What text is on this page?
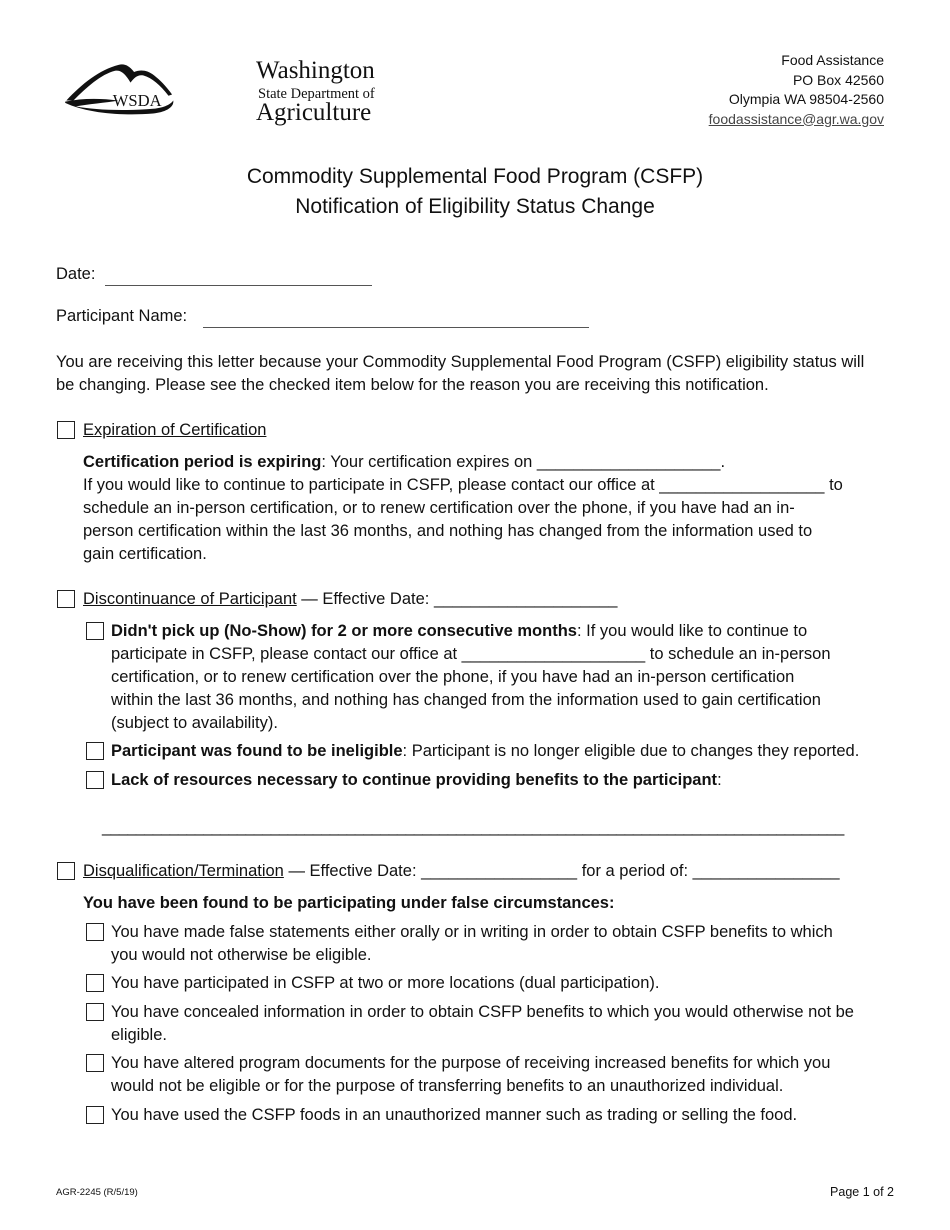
WSDA
Washington
State Department of
Agriculture
Food Assistance
PO Box 42560
Olympia WA 98504-2560
foodassistance@agr.wa.gov
Commodity Supplemental Food Program (CSFP)
Notification of Eligibility Status Change
Date:
Participant Name:
You are receiving this letter because your Commodity Supplemental Food Program (CSFP) eligibility status will
be changing. Please see the checked item below for the reason you are receiving this notification.
Expiration of Certification
Certification period is expiring: Your certification expires on ____________________.
If you would like to continue to participate in CSFP, please contact our office at __________________ to
schedule an in-person certification, or to renew certification over the phone, if you have had an in-
person certification within the last 36 months, and nothing has changed from the information used to
gain certification.
Discontinuance of Participant — Effective Date: ____________________
Didn't pick up (No-Show) for 2 or more consecutive months: If you would like to continue to
participate in CSFP, please contact our office at ____________________ to schedule an in-person
certification, or to renew certification over the phone, if you have had an in-person certification
within the last 36 months, and nothing has changed from the information used to gain certification
(subject to availability).
Participant was found to be ineligible: Participant is no longer eligible due to changes they reported.
Lack of resources necessary to continue providing benefits to the participant:
________________________________________________________________________________________
Disqualification/Termination — Effective Date: _________________ for a period of: ________________
You have been found to be participating under false circumstances:
You have made false statements either orally or in writing in order to obtain CSFP benefits to which
you would not otherwise be eligible.
You have participated in CSFP at two or more locations (dual participation).
You have concealed information in order to obtain CSFP benefits to which you would otherwise not be
eligible.
You have altered program documents for the purpose of receiving increased benefits for which you
would not be eligible or for the purpose of transferring benefits to an unauthorized individual.
You have used the CSFP foods in an unauthorized manner such as trading or selling the food.
AGR-2245 (R/5/19)	Page 1 of 2
